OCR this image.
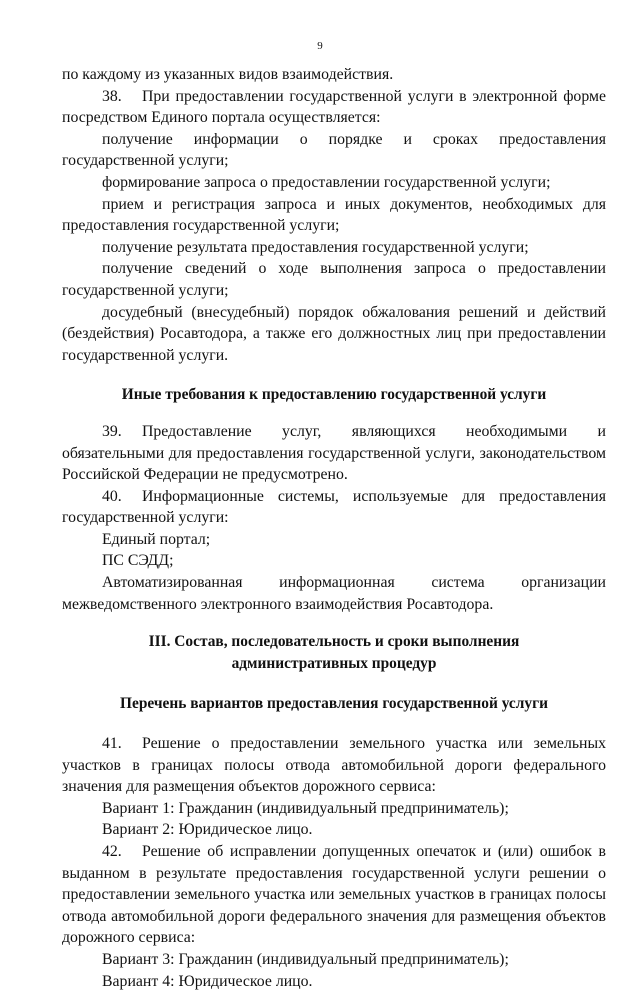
9

по каждому из указанных видов взаимодействия.

38. При предоставлении государственной услуги в электронной форме посредством Единого портала осуществляется:

получение информации о порядке и сроках предоставления государственной услуги;

формирование запроса о предоставлении государственной услуги;

прием и регистрация запроса и иных документов, необходимых для предоставления государственной услуги;

получение результата предоставления государственной услуги;

получение сведений о ходе выполнения запроса о предоставлении государственной услуги;

досудебный (внесудебный) порядок обжалования решений и действий (бездействия) Росавтодора, а также его должностных лиц при предоставлении государственной услуги.

Иные требования к предоставлению государственной услуги

39. Предоставление услуг, являющихся необходимыми и обязательными для предоставления государственной услуги, законодательством Российской Федерации не предусмотрено.

40. Информационные системы, используемые для предоставления государственной услуги:

Единый портал;

ПС СЭДД;

Автоматизированная информационная система организации межведомственного электронного взаимодействия Росавтодора.

III. Состав, последовательность и сроки выполнения

административных процедур

Перечень вариантов предоставления государственной услуги

41. Решение о предоставлении земельного участка или земельных участков в границах полосы отвода автомобильной дороги федерального значения для размещения объектов дорожного сервиса:

Вариант 1: Гражданин (индивидуальный предприниматель);

Вариант 2: Юридическое лицо.

42. Решение об исправлении допущенных опечаток и (или) ошибок в выданном в результате предоставления государственной услуги решении о предоставлении земельного участка или земельных участков в границах полосы отвода автомобильной дороги федерального значения для размещения объектов дорожного сервиса:

Вариант 3: Гражданин (индивидуальный предприниматель);

Вариант 4: Юридическое лицо.
